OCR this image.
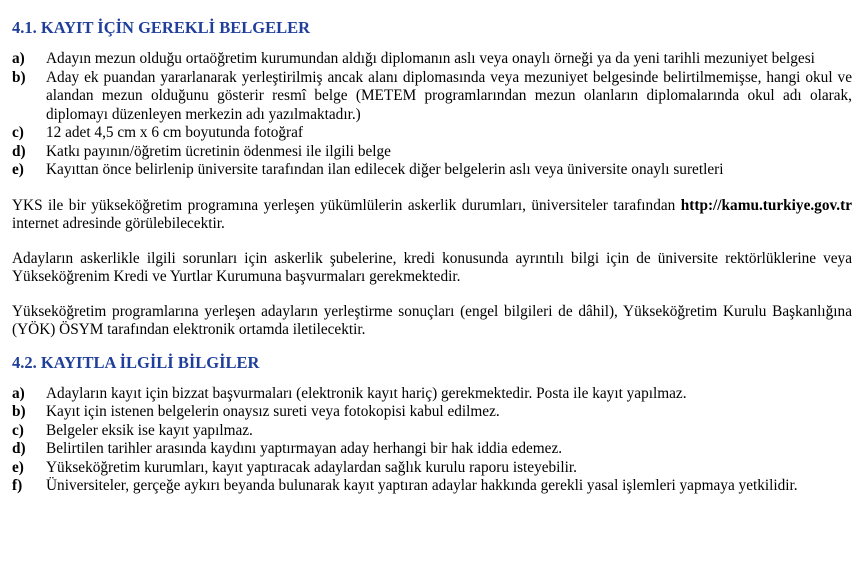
4.1. KAYIT İÇİN GEREKLİ BELGELER
a)	Adayın mezun olduğu ortaöğretim kurumundan aldığı diplomanın aslı veya onaylı örneği ya da yeni tarihli mezuniyet belgesi
b)	Aday ek puandan yararlanarak yerleştirilmiş ancak alanı diplomasında veya mezuniyet belgesinde belirtilmemişse, hangi okul ve alandan mezun olduğunu gösterir resmî belge (METEM programlarından mezun olanların diplomalarında okul adı olarak, diplomayı düzenleyen merkezin adı yazılmaktadır.)
c)	12 adet 4,5 cm x 6 cm boyutunda fotoğraf
d)	Katkı payının/öğretim ücretinin ödenmesi ile ilgili belge
e)	Kayıttan önce belirlenip üniversite tarafından ilan edilecek diğer belgelerin aslı veya üniversite onaylı suretleri

YKS ile bir yükseköğretim programına yerleşen yükümlülerin askerlik durumları, üniversiteler tarafından http://kamu.turkiye.gov.tr internet adresinde görülebilecektir.

Adayların askerlikle ilgili sorunları için askerlik şubelerine, kredi konusunda ayrıntılı bilgi için de üniversite rektörlüklerine veya Yükseköğrenim Kredi ve Yurtlar Kurumuna başvurmaları gerekmektedir.

Yükseköğretim programlarına yerleşen adayların yerleştirme sonuçları (engel bilgileri de dâhil), Yükseköğretim Kurulu Başkanlığına (YÖK) ÖSYM tarafından elektronik ortamda iletilecektir.

4.2. KAYITLA İLGİLİ BİLGİLER
a)	Adayların kayıt için bizzat başvurmaları (elektronik kayıt hariç) gerekmektedir. Posta ile kayıt yapılmaz.
b)	Kayıt için istenen belgelerin onaysız sureti veya fotokopisi kabul edilmez.
c)	Belgeler eksik ise kayıt yapılmaz.
d)	Belirtilen tarihler arasında kaydını yaptırmayan aday herhangi bir hak iddia edemez.
e)	Yükseköğretim kurumları, kayıt yaptıracak adaylardan sağlık kurulu raporu isteyebilir.
f)	Üniversiteler, gerçeğe aykırı beyanda bulunarak kayıt yaptıran adaylar hakkında gerekli yasal işlemleri yapmaya yetkilidir.
